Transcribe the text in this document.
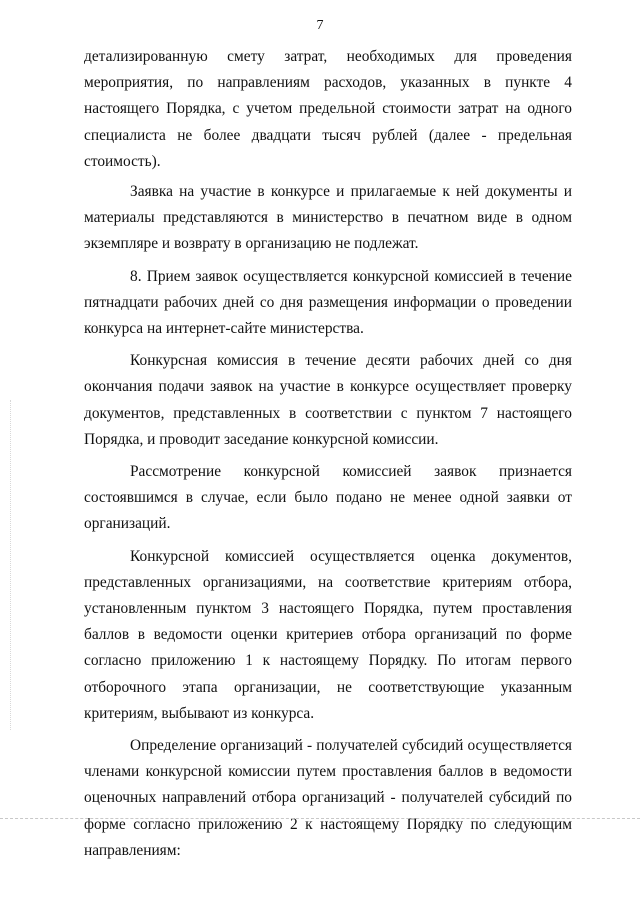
7

детализированную смету затрат, необходимых для проведения мероприятия, по направлениям расходов, указанных в пункте 4 настоящего Порядка, с учетом предельной стоимости затрат на одного специалиста не более двадцати тысяч рублей (далее - предельная стоимость).

Заявка на участие в конкурсе и прилагаемые к ней документы и материалы представляются в министерство в печатном виде в одном экземпляре и возврату в организацию не подлежат.

8. Прием заявок осуществляется конкурсной комиссией в течение пятнадцати рабочих дней со дня размещения информации о проведении конкурса на интернет-сайте министерства.

Конкурсная комиссия в течение десяти рабочих дней со дня окончания подачи заявок на участие в конкурсе осуществляет проверку документов, представленных в соответствии с пунктом 7 настоящего Порядка, и проводит заседание конкурсной комиссии.

Рассмотрение конкурсной комиссией заявок признается состоявшимся в случае, если было подано не менее одной заявки от организаций.

Конкурсной комиссией осуществляется оценка документов, представленных организациями, на соответствие критериям отбора, установленным пунктом 3 настоящего Порядка, путем проставления баллов в ведомости оценки критериев отбора организаций по форме согласно приложению 1 к настоящему Порядку. По итогам первого отборочного этапа организации, не соответствующие указанным критериям, выбывают из конкурса.

Определение организаций - получателей субсидий осуществляется членами конкурсной комиссии путем проставления баллов в ведомости оценочных направлений отбора организаций - получателей субсидий по форме согласно приложению 2 к настоящему Порядку по следующим направлениям:
